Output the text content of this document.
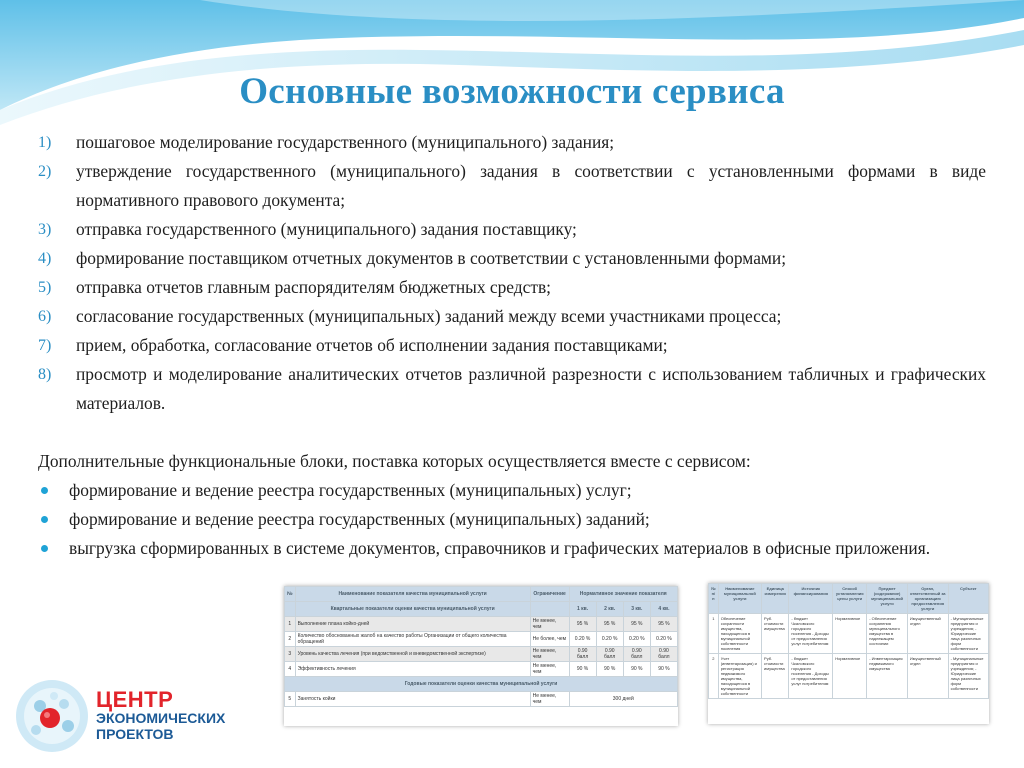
Основные возможности сервиса
1)	пошаговое моделирование государственного (муниципального) задания;
2)	утверждение государственного (муниципального) задания в соответствии с установленными формами в виде нормативного правового документа;
3)	отправка государственного (муниципального) задания поставщику;
4)	формирование поставщиком отчетных документов в соответствии с установленными формами;
5)	отправка отчетов главным распорядителям бюджетных средств;
6)	согласование государственных (муниципальных) заданий между всеми участниками процесса;
7)	прием, обработка, согласование отчетов об исполнении задания поставщиками;
8)	просмотр и моделирование аналитических отчетов различной разрезности с использованием табличных и графических материалов.
Дополнительные функциональные блоки, поставка которых осуществляется вместе с сервисом:
формирование и ведение реестра государственных (муниципальных) услуг;
формирование и ведение реестра государственных (муниципальных) заданий;
выгрузка сформированных в системе документов, справочников и графических материалов в офисные приложения.
№	Наименование показателя качества муниципальной услуги	Ограничение	Нормативное значение показателя			
	Квартальные показатели оценки качества муниципальной услуги		1 кв.	2 кв.	3 кв.	4 кв.
1	Выполнение плана койко-дней	Не менее, чем	95 %	95 %	95 %	95 %
2	Количество обоснованных жалоб на качество работы Организации от общего количества обращений	Не более, чем	0.20 %	0.20 %	0.20 %	0.20 %
3	Уровень качества лечения (при ведомственной и вневедомственной экспертизе)	Не менее, чем	0.90 балл	0.90 балл	0.90 балл	0.90 балл
4	Эффективность лечения	Не менее, чем	90 %	90 %	90 %	90 %
Годовые показатели оценки качества муниципальной услуги						
5	Занятость койки	Не менее, чем	300 дней			
№ п/п	Наименование муниципальной услуги	Единица измерения	Источник финансирования	Способ установления цены услуги	Предмет (содержание) муниципальной услуги	Орган, ответственный за организацию предоставления услуги	Субъект
1	Обеспечение сохранности имущества, находящегося в муниципальной собственности поселения	Руб. стоимости имущества	- бюджет Чкаловского городского поселения - Доходы от предоставления услуг потребителям	Нормативное	- Обеспечение сохранения муниципального имущества в надлежащем состоянии	Имущественный отдел	- Муниципальные предприятия и учреждения; - Юридические лица различных форм собственности
2	Учет (инвентаризация) и регистрация недвижимого имущества, находящегося в муниципальной собственности	Руб. стоимости имущества	- бюджет Чкаловского городского поселения - Доходы от предоставления услуг потребителям	Нормативное	- Инвентаризация недвижимого имущества	Имущественный отдел	- Муниципальные предприятия и учреждения; - Юридические лица различных форм собственности
ЦЕНТР
ЭКОНОМИЧЕСКИХ
ПРОЕКТОВ
